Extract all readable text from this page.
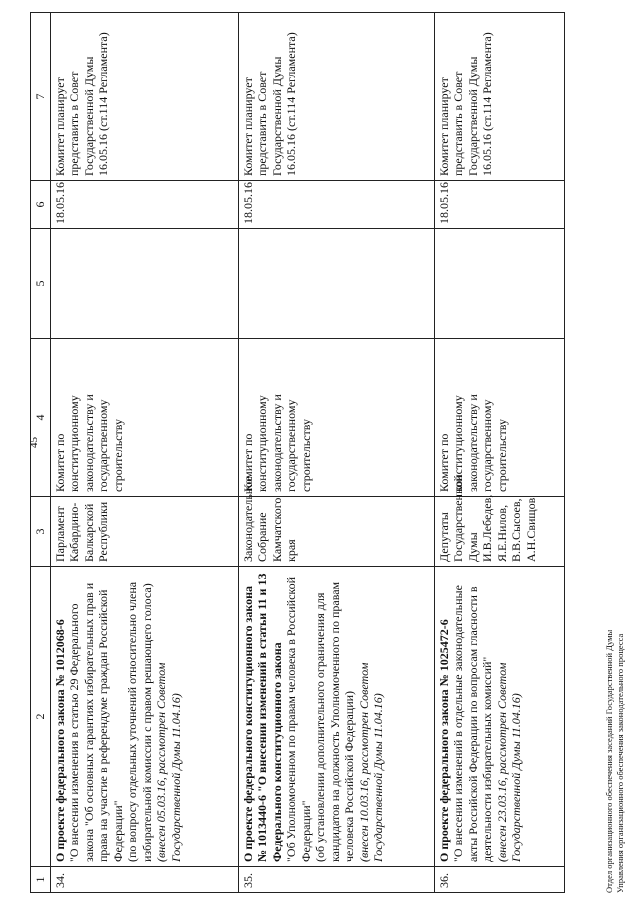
45
1	2	3	4	5	6	7
34.	О проекте федерального закона № 1012068-6
"О внесении изменения в статью 29 Федерального закона "Об основных гарантиях избирательных прав и права на участие в референдуме граждан Российской Федерации"
(по вопросу отдельных уточнений относительно члена избирательной комиссии с правом решающего голоса)
(внесен 05.03.16, рассмотрен Советом Государственной Думы 11.04.16)	Парламент Кабардино-Балкарской Республики	Комитет по конституционному законодательству и государственному строительству		18.05.16	Комитет планирует представить в Совет Государственной Думы 16.05.16 (ст.114 Регламента)
35.	О проекте федерального конституционного закона № 1013440-6 "О внесении изменений в статьи 11 и 13 Федерального конституционного закона
"Об Уполномоченном по правам человека в Российской Федерации"
(об установлении дополнительного ограничения для кандидатов на должность Уполномоченного по правам человека Российской Федерации)
(внесен 10.03.16, рассмотрен Советом Государственной Думы 11.04.16)	Законодательное Собрание Камчатского края	Комитет по конституционному законодательству и государственному строительству		18.05.16	Комитет планирует представить в Совет Государственной Думы 16.05.16 (ст.114 Регламента)
36.	О проекте федерального закона № 1025472-6
"О внесении изменений в отдельные законодательные акты Российской Федерации по вопросам гласности в деятельности избирательных комиссий"
(внесен 23.03.16, рассмотрен Советом Государственной Думы 11.04.16)	Депутаты Государственной Думы И.В.Лебедев, Я.Е.Нилов, В.В.Сысоев, А.Н.Свищов	Комитет по конституционному законодательству и государственному строительству		18.05.16	Комитет планирует представить в Совет Государственной Думы 16.05.16 (ст.114 Регламента)
Отдел организационного обеспечения заседаний Государственной Думы Управления организационного обеспечения законодательного процесса
